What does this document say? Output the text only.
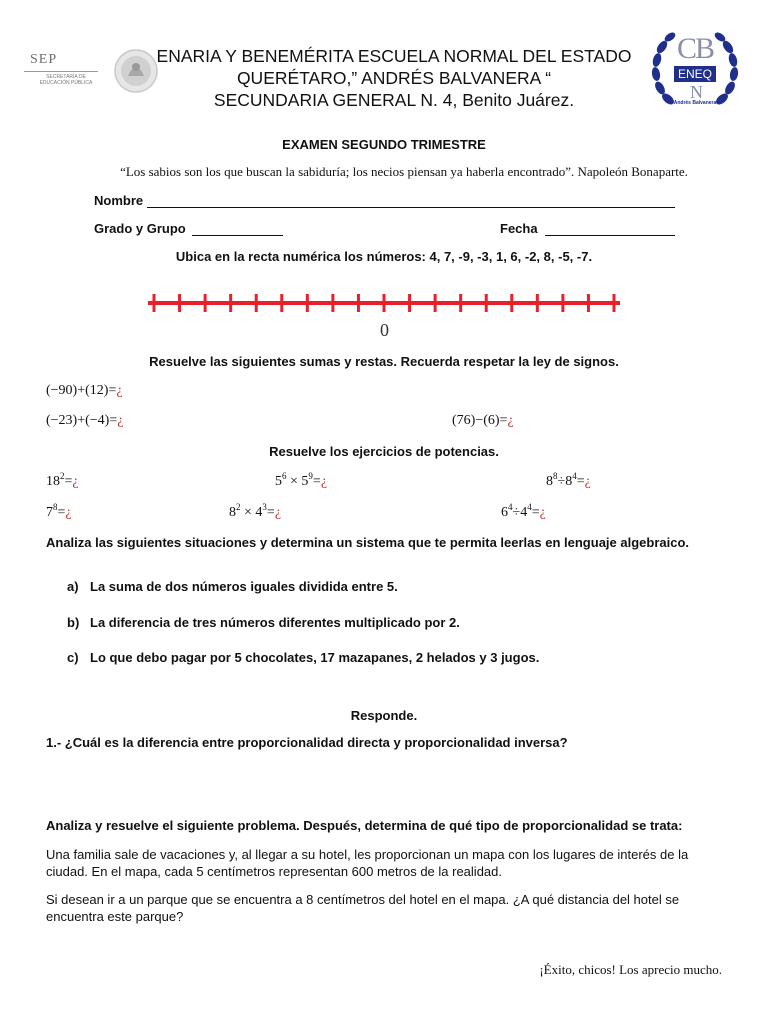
SEP
SECRETARÍA DE EDUCACIÓN PÚBLICA
ENARIA Y BENEMÉRITA ESCUELA NORMAL DEL ESTADO
QUERÉTARO,” ANDRÉS BALVANERA “
SECUNDARIA GENERAL N. 4, Benito Juárez.
CB
ENEQ
N
Andrés Balvanera
EXAMEN SEGUNDO TRIMESTRE
“Los sabios son los que buscan la sabiduría; los necios piensan ya haberla encontrado”. Napoleón Bonaparte.
Nombre
Grado y Grupo	Fecha
Ubica en la recta numérica los números: 4, 7, -9, -3, 1, 6, -2, 8, -5, -7.
0
Resuelve las siguientes sumas y restas. Recuerda respetar la ley de signos.
(−90)+(12)=¿
(−23)+(−4)=¿	(76)−(6)=¿
Resuelve los ejercicios de potencias.
$18^2=¿$	$5^6$ × $5^9=¿$	$8^8\div 8^4=¿$
$7^8=¿$	$8^2$ × $4^3=¿$	$6^4\div 4^4=¿$
Analiza las siguientes situaciones y determina un sistema que te permita leerlas en lenguaje algebraico.
a) La suma de dos números iguales dividida entre 5.
b) La diferencia de tres números diferentes multiplicado por 2.
c) Lo que debo pagar por 5 chocolates, 17 mazapanes, 2 helados y 3 jugos.
Responde.
1.- ¿Cuál es la diferencia entre proporcionalidad directa y proporcionalidad inversa?
Analiza y resuelve el siguiente problema. Después, determina de qué tipo de proporcionalidad se trata:
Una familia sale de vacaciones y, al llegar a su hotel, les proporcionan un mapa con los lugares de interés de la ciudad. En el mapa, cada 5 centímetros representan 600 metros de la realidad.
Si desean ir a un parque que se encuentra a 8 centímetros del hotel en el mapa. ¿A qué distancia del hotel se encuentra este parque?
¡Éxito, chicos! Los aprecio mucho.
